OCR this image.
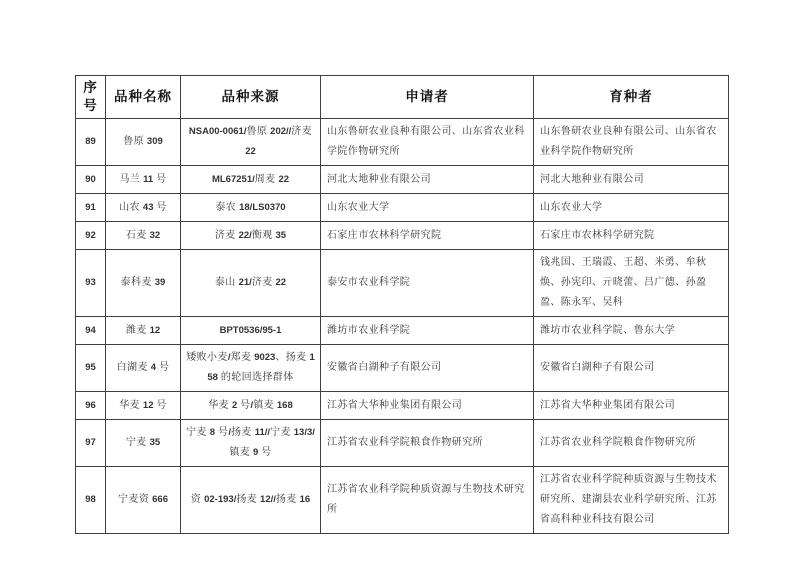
序号	品种名称	品种来源	申请者	育种者
89	鲁原 309	NSA00-0061/鲁原 202//济麦 22	山东鲁研农业良种有限公司、山东省农业科学院作物研究所	山东鲁研农业良种有限公司、山东省农业科学院作物研究所
90	马兰 11 号	ML67251/周麦 22	河北大地种业有限公司	河北大地种业有限公司
91	山农 43 号	泰农 18/LS0370	山东农业大学	山东农业大学
92	石麦 32	济麦 22/衡观 35	石家庄市农林科学研究院	石家庄市农林科学研究院
93	泰科麦 39	泰山 21/济麦 22	泰安市农业科学院	钱兆国、王瑞霞、王超、米勇、牟秋焕、孙宪印、亓晓蕾、吕广德、孙盈盈、陈永军、吴科
94	潍麦 12	BPT0536/95-1	潍坊市农业科学院	潍坊市农业科学院、鲁东大学
95	白湖麦 4 号	矮败小麦/郑麦 9023、扬麦 158 的轮回选择群体	安徽省白湖种子有限公司	安徽省白湖种子有限公司
96	华麦 12 号	华麦 2 号/镇麦 168	江苏省大华种业集团有限公司	江苏省大华种业集团有限公司
97	宁麦 35	宁麦 8 号/扬麦 11//宁麦 13/3/镇麦 9 号	江苏省农业科学院粮食作物研究所	江苏省农业科学院粮食作物研究所
98	宁麦资 666	资 02-193/扬麦 12//扬麦 16	江苏省农业科学院种质资源与生物技术研究所	江苏省农业科学院种质资源与生物技术研究所、建湖县农业科学研究所、江苏省高科种业科技有限公司
